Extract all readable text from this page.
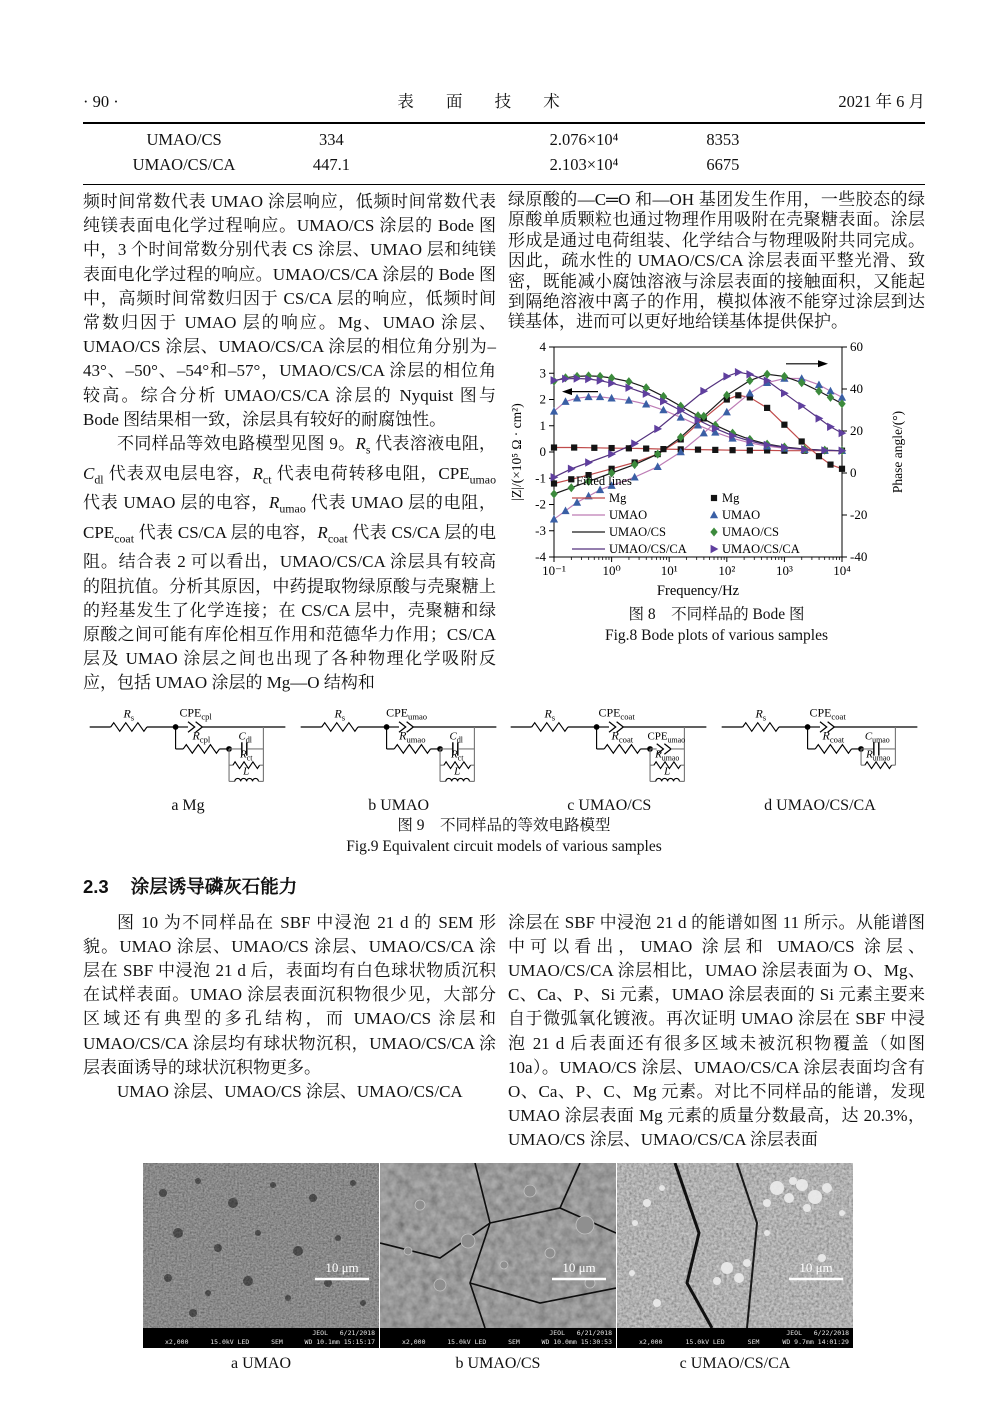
· 90 ·	表 面 技 术	2021 年 6 月
UMAO/CS	334	2.076×10⁴	8353
UMAO/CS/CA	447.1	2.103×10⁴	6675

频时间常数代表 UMAO 涂层响应，低频时间常数代表纯镁表面电化学过程响应。UMAO/CS 涂层的 Bode 图中，3 个时间常数分别代表 CS 涂层、UMAO 层和纯镁表面电化学过程的响应。UMAO/CS/CA 涂层的 Bode 图中，高频时间常数归因于 CS/CA 层的响应，低频时间常数归因于 UMAO 层的响应。Mg、UMAO 涂层、UMAO/CS 涂层、UMAO/CS/CA 涂层的相位角分别为–43°、–50°、–54°和–57°，UMAO/CS/CA 涂层的相位角较高。综合分析 UMAO/CS/CA 涂层的 Nyquist 图与 Bode 图结果相一致，涂层具有较好的耐腐蚀性。

不同样品等效电路模型见图 9。$R_s$ 代表溶液电阻，$C_{dl}$ 代表双电层电容，$R_{ct}$ 代表电荷转移电阻，$CPE_{umao}$ 代表 UMAO 层的电容，$R_{umao}$ 代表 UMAO 层的电阻，$CPE_{coat}$ 代表 CS/CA 层的电容，$R_{coat}$ 代表 CS/CA 层的电阻。结合表 2 可以看出，UMAO/CS/CA 涂层具有较高的阻抗值。分析其原因，中药提取物绿原酸与壳聚糖上的羟基发生了化学连接；在 CS/CA 层中，壳聚糖和绿原酸之间可能有库伦相互作用和范德华力作用；CS/CA 层及 UMAO 涂层之间也出现了各种物理化学吸附反应，包括 UMAO 涂层的 Mg—O 结构和

绿原酸的—C═O 和—OH 基团发生作用，一些胶态的绿原酸单质颗粒也通过物理作用吸附在壳聚糖表面。涂层形成是通过电荷组装、化学结合与物理吸附共同完成。因此，疏水性的 UMAO/CS/CA 涂层表面平整光滑、致密，既能减小腐蚀溶液与涂层表面的接触面积，又能起到隔绝溶液中离子的作用，模拟体液不能穿过涂层到达镁基体，进而可以更好地给镁基体提供保护。

-4
-3
-2
-1
0
1
2
3
4
-40
-20
0
20
40
60
10⁻¹	10⁰	10¹	10²	10³	10⁴
Frequency/Hz
|Z|/(×10⁵ Ω · cm²)	Phase angle/(°)
Fitted lines
Mg
UMAO
UMAO/CS
UMAO/CS/CA
Mg
UMAO
UMAO/CS
UMAO/CS/CA
图 8　不同样品的 Bode 图
Fig.8 Bode plots of various samples
$R_s$	$CPE_{cpl}$
$R_{cpl}$ $C_{dl}$
$R_{ct}$
L
a Mg
$R_s$	$CPE_{umao}$
$R_{umao}$ $C_{dl}$
$R_{ct}$
L
b UMAO
$R_s$	$CPE_{coat}$
$R_{coat}$ $CPE_{umao}$
$R_{umao}$
L
c UMAO/CS
$R_s$	$CPE_{coat}$
$R_{coat}$ $C_{umao}$
$R_{umao}$
d UMAO/CS/CA
图 9　不同样品的等效电路模型
Fig.9 Equivalent circuit models of various samples
2.3 涂层诱导磷灰石能力

图 10 为不同样品在 SBF 中浸泡 21 d 的 SEM 形貌。UMAO 涂层、UMAO/CS 涂层、UMAO/CS/CA 涂层在 SBF 中浸泡 21 d 后，表面均有白色球状物质沉积在试样表面。UMAO 涂层表面沉积物很少见，大部分区域还有典型的多孔结构，而 UMAO/CS 涂层和 UMAO/CS/CA 涂层均有球状物沉积，UMAO/CS/CA 涂层表面诱导的球状沉积物更多。

UMAO 涂层、UMAO/CS 涂层、UMAO/CS/CA

涂层在 SBF 中浸泡 21 d 的能谱如图 11 所示。从能谱图中可以看出，UMAO 涂层和 UMAO/CS 涂层、UMAO/CS/CA 涂层相比，UMAO 涂层表面为 O、Mg、C、Ca、P、Si 元素，UMAO 涂层表面的 Si 元素主要来自于微弧氧化镀液。再次证明 UMAO 涂层在 SBF 中浸泡 21 d 后表面还有很多区域未被沉积物覆盖（如图 10a）。UMAO/CS 涂层、UMAO/CS/CA 涂层表面均含有 O、Ca、P、C、Mg 元素。对比不同样品的能谱，发现 UMAO 涂层表面 Mg 元素的质量分数最高，达 20.3%，UMAO/CS 涂层、UMAO/CS/CA 涂层表面

10 μm
JEOL 6/21/2018
x2,000	15.0kV LED	SEM	WD 10.1mm 15:15:17
10 μm
JEOL 6/21/2018
x2,000	15.0kV LED	SEM	WD 10.0mm 15:30:53
10 μm
JEOL 6/22/2018
x2,000	15.0kV LED	SEM	WD 9.7mm 14:01:29
a UMAO	b UMAO/CS	c UMAO/CS/CA
